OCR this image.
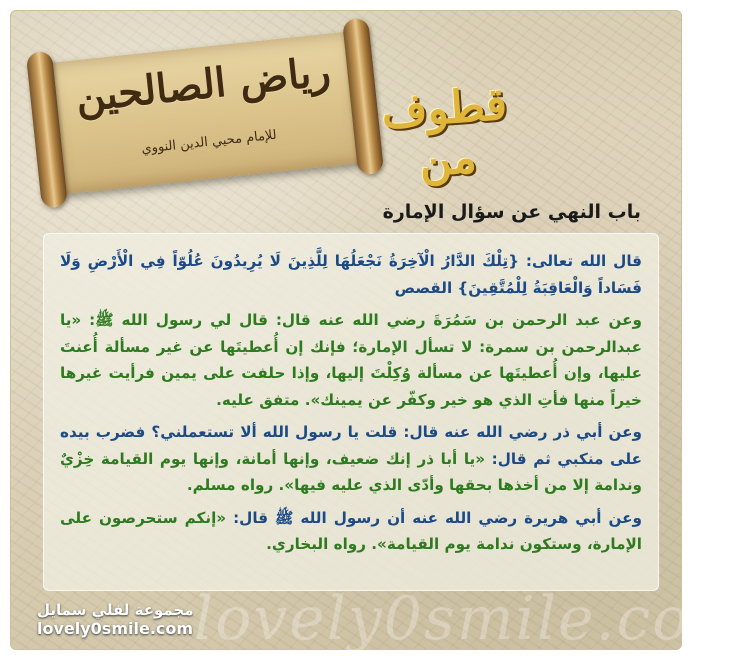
رياض الصالحين
للإمام محيي الدين النووي
قطوف من
باب النهي عن سؤال الإمارة
lovely0smile.com

قال الله تعالى: {تِلْكَ الدَّارُ الْآخِرَةُ نَجْعَلُهَا لِلَّذِينَ لَا يُرِيدُونَ عُلُوّاً فِي الْأَرْضِ وَلَا فَسَاداً وَالْعَاقِبَةُ لِلْمُتَّقِينَ} القصص

وعن عبد الرحمن بن سَمُرَةَ رضي الله عنه قال: قال لي رسول الله ﷺ: «يا عبدالرحمن بن سمرة: لا تسأل الإمارة؛ فإنك إن أُعطيتَها عن غير مسألة أُعنتَ عليها، وإن أُعطيتَها عن مسألة وُكِلْتَ إليها، وإذا حلفت على يمين فرأيت غيرها خيراً منها فأتِ الذي هو خير وكفّر عن يمينك». متفق عليه.

وعن أبي ذر رضي الله عنه قال: قلت يا رسول الله ألا تستعملني؟ فضرب بيده على منكبي ثم قال: «يا أبا ذر إنك ضعيف، وإنها أمانة، وإنها يوم القيامة خِزْيٌ وندامة إلا من أخذها بحقها وأدّى الذي عليه فيها». رواه مسلم.

وعن أبي هريرة رضي الله عنه أن رسول الله ﷺ قال: «إنكم ستحرصون على الإمارة، وستكون ندامة يوم القيامة». رواه البخاري.

مجموعة لفلي سمايل
lovely0smile.com
